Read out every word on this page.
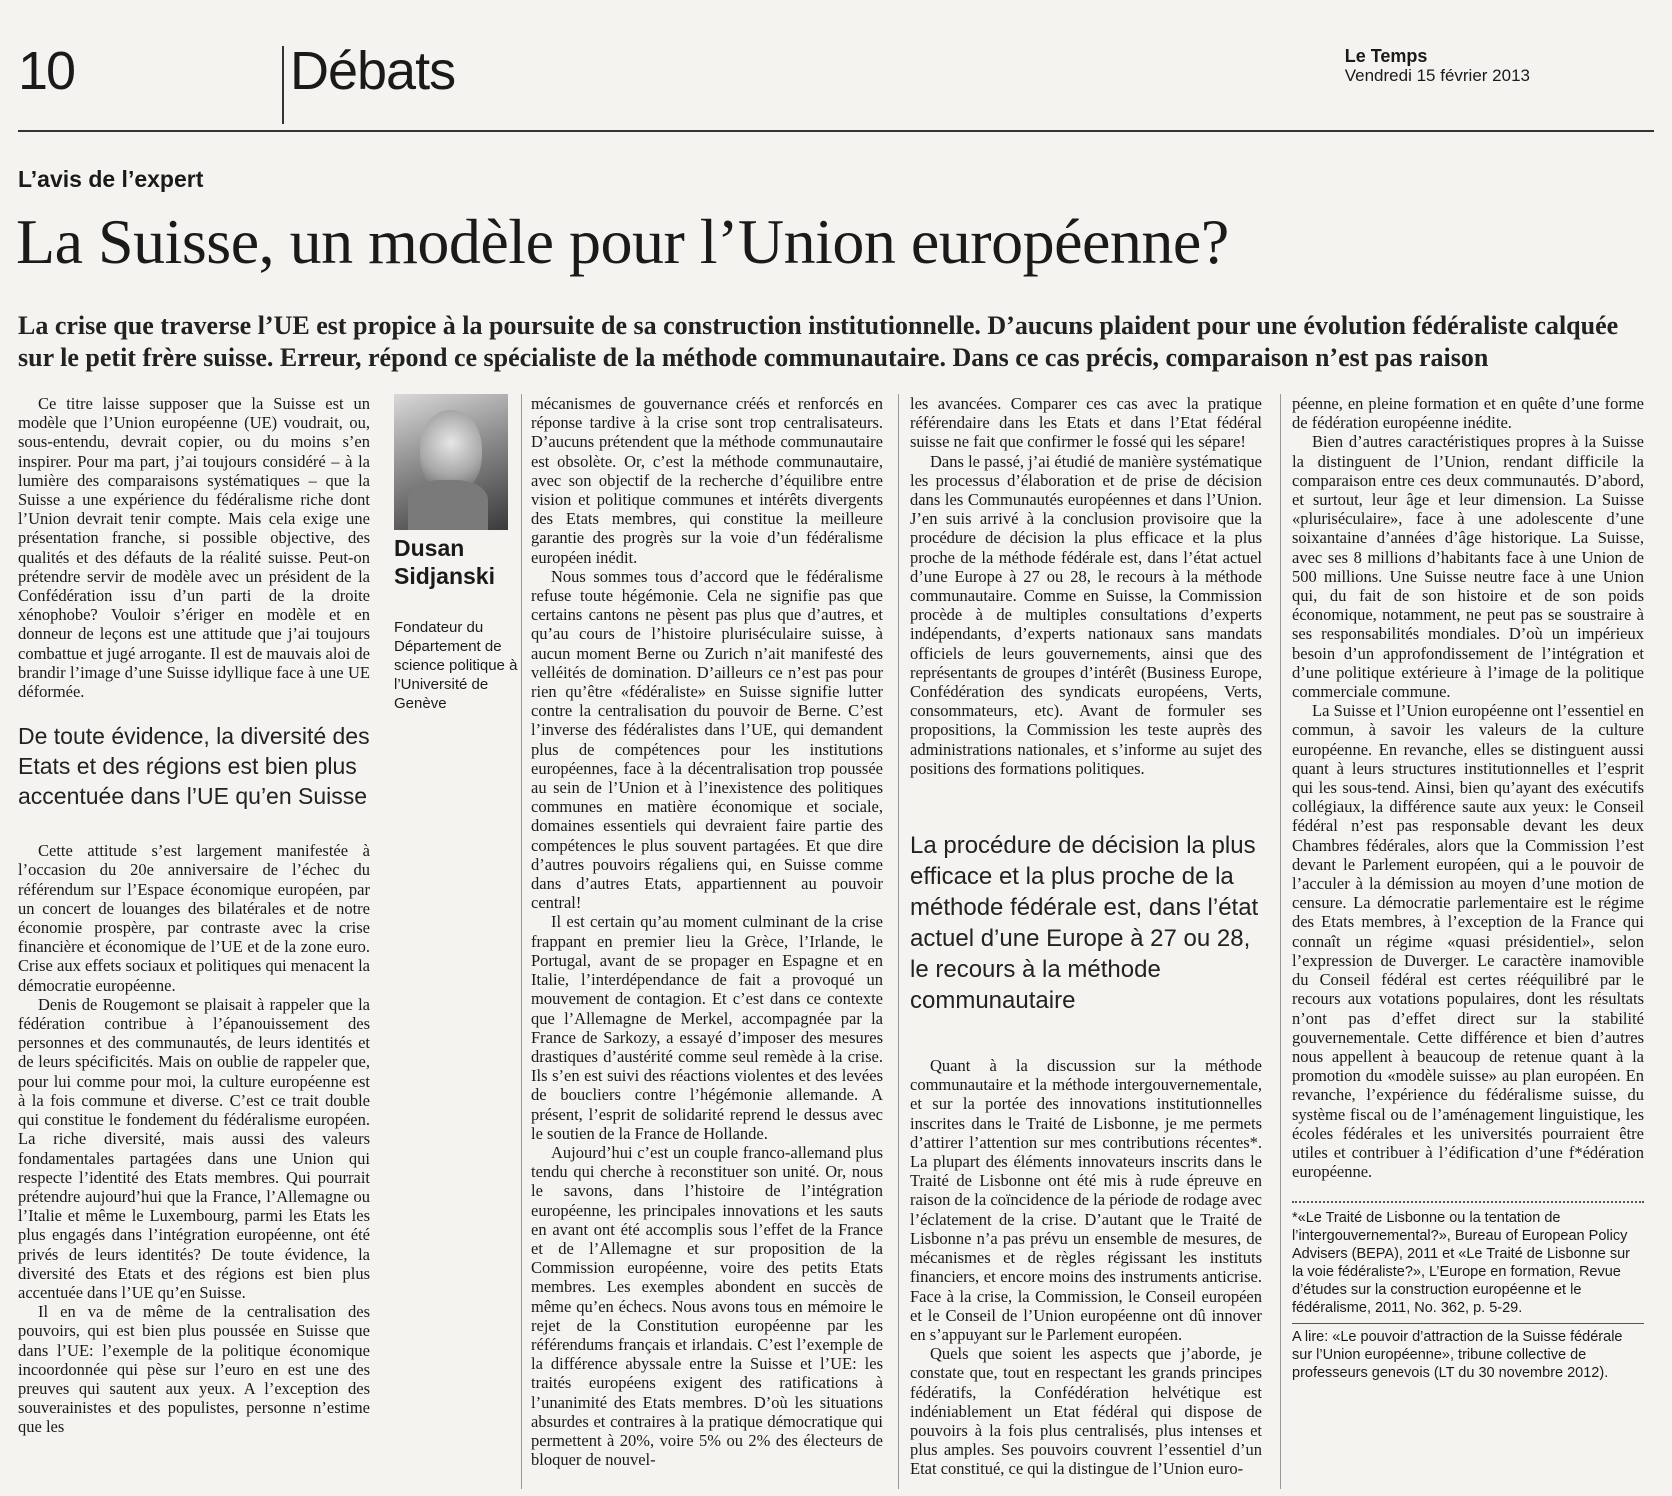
10	Débats	Le Temps
Vendredi 15 février 2013
L’avis de l’expert
La Suisse, un modèle pour l’Union européenne?
La crise que traverse l’UE est propice à la poursuite de sa construction institutionnelle. D’aucuns plaident pour une évolution fédéraliste calquée sur le petit frère suisse. Erreur, répond ce spécialiste de la méthode communautaire. Dans ce cas précis, comparaison n’est pas raison

Ce titre laisse supposer que la Suisse est un modèle que l’Union européenne (UE) voudrait, ou, sous-entendu, devrait copier, ou du moins s’en inspirer. Pour ma part, j’ai toujours considéré – à la lumière des comparaisons systématiques – que la Suisse a une expérience du fédéralisme riche dont l’Union devrait tenir compte. Mais cela exige une présentation franche, si possible objective, des qualités et des défauts de la réalité suisse. Peut-on prétendre servir de modèle avec un président de la Confédération issu d’un parti de la droite xénophobe? Vouloir s’ériger en modèle et en donneur de leçons est une attitude que j’ai toujours combattue et jugé arrogante. Il est de mauvais aloi de brandir l’image d’une Suisse idyllique face à une UE déformée.

De toute évidence, la diversité des Etats et des régions est bien plus accentuée dans l’UE qu’en Suisse

Cette attitude s’est largement manifestée à l’occasion du 20e anniversaire de l’échec du référendum sur l’Espace économique européen, par un concert de louanges des bilatérales et de notre économie prospère, par contraste avec la crise financière et économique de l’UE et de la zone euro. Crise aux effets sociaux et politiques qui menacent la démocratie européenne.

Denis de Rougemont se plaisait à rappeler que la fédération contribue à l’épanouissement des personnes et des communautés, de leurs identités et de leurs spécificités. Mais on oublie de rappeler que, pour lui comme pour moi, la culture européenne est à la fois commune et diverse. C’est ce trait double qui constitue le fondement du fédéralisme européen. La riche diversité, mais aussi des valeurs fondamentales partagées dans une Union qui respecte l’identité des Etats membres. Qui pourrait prétendre aujourd’hui que la France, l’Allemagne ou l’Italie et même le Luxembourg, parmi les Etats les plus engagés dans l’intégration européenne, ont été privés de leurs identités? De toute évidence, la diversité des Etats et des régions est bien plus accentuée dans l’UE qu’en Suisse.

Il en va de même de la centralisation des pouvoirs, qui est bien plus poussée en Suisse que dans l’UE: l’exemple de la politique économique incoordonnée qui pèse sur l’euro en est une des preuves qui sautent aux yeux. A l’exception des souverainistes et des populistes, personne n’estime que les

Dusan Sidjanski
Fondateur du Département de science politique à l’Université de Genève

mécanismes de gouvernance créés et renforcés en réponse tardive à la crise sont trop centralisateurs. D’aucuns prétendent que la méthode communautaire est obsolète. Or, c’est la méthode communautaire, avec son objectif de la recherche d’équilibre entre vision et politique communes et intérêts divergents des Etats membres, qui constitue la meilleure garantie des progrès sur la voie d’un fédéralisme européen inédit.

Nous sommes tous d’accord que le fédéralisme refuse toute hégémonie. Cela ne signifie pas que certains cantons ne pèsent pas plus que d’autres, et qu’au cours de l’histoire pluriséculaire suisse, à aucun moment Berne ou Zurich n’ait manifesté des velléités de domination. D’ailleurs ce n’est pas pour rien qu’être «fédéraliste» en Suisse signifie lutter contre la centralisation du pouvoir de Berne. C’est l’inverse des fédéralistes dans l’UE, qui demandent plus de compétences pour les institutions européennes, face à la décentralisation trop poussée au sein de l’Union et à l’inexistence des politiques communes en matière économique et sociale, domaines essentiels qui devraient faire partie des compétences le plus souvent partagées. Et que dire d’autres pouvoirs régaliens qui, en Suisse comme dans d’autres Etats, appartiennent au pouvoir central!

Il est certain qu’au moment culminant de la crise frappant en premier lieu la Grèce, l’Irlande, le Portugal, avant de se propager en Espagne et en Italie, l’interdépendance de fait a provoqué un mouvement de contagion. Et c’est dans ce contexte que l’Allemagne de Merkel, accompagnée par la France de Sarkozy, a essayé d’imposer des mesures drastiques d’austérité comme seul remède à la crise. Ils s’en est suivi des réactions violentes et des levées de boucliers contre l’hégémonie allemande. A présent, l’esprit de solidarité reprend le dessus avec le soutien de la France de Hollande.

Aujourd’hui c’est un couple franco-allemand plus tendu qui cherche à reconstituer son unité. Or, nous le savons, dans l’histoire de l’intégration européenne, les principales innovations et les sauts en avant ont été accomplis sous l’effet de la France et de l’Allemagne et sur proposition de la Commission européenne, voire des petits Etats membres. Les exemples abondent en succès de même qu’en échecs. Nous avons tous en mémoire le rejet de la Constitution européenne par les référendums français et irlandais. C’est l’exemple de la différence abyssale entre la Suisse et l’UE: les traités européens exigent des ratifications à l’unanimité des Etats membres. D’où les situations absurdes et contraires à la pratique démocratique qui permettent à 20%, voire 5% ou 2% des électeurs de bloquer de nouvel-

les avancées. Comparer ces cas avec la pratique référendaire dans les Etats et dans l’Etat fédéral suisse ne fait que confirmer le fossé qui les sépare!

Dans le passé, j’ai étudié de manière systématique les processus d’élaboration et de prise de décision dans les Communautés européennes et dans l’Union. J’en suis arrivé à la conclusion provisoire que la procédure de décision la plus efficace et la plus proche de la méthode fédérale est, dans l’état actuel d’une Europe à 27 ou 28, le recours à la méthode communautaire. Comme en Suisse, la Commission procède à de multiples consultations d’experts indépendants, d’experts nationaux sans mandats officiels de leurs gouvernements, ainsi que des représentants de groupes d’intérêt (Business Europe, Confédération des syndicats européens, Verts, consommateurs, etc). Avant de formuler ses propositions, la Commission les teste auprès des administrations nationales, et s’informe au sujet des positions des formations politiques.

La procédure de décision la plus efficace et la plus proche de la méthode fédérale est, dans l’état actuel d’une Europe à 27 ou 28, le recours à la méthode communautaire

Quant à la discussion sur la méthode communautaire et la méthode intergouvernementale, et sur la portée des innovations institutionnelles inscrites dans le Traité de Lisbonne, je me permets d’attirer l’attention sur mes contributions récentes*. La plupart des éléments innovateurs inscrits dans le Traité de Lisbonne ont été mis à rude épreuve en raison de la coïncidence de la période de rodage avec l’éclatement de la crise. D’autant que le Traité de Lisbonne n’a pas prévu un ensemble de mesures, de mécanismes et de règles régissant les instituts financiers, et encore moins des instruments anticrise. Face à la crise, la Commission, le Conseil européen et le Conseil de l’Union européenne ont dû innover en s’appuyant sur le Parlement européen.

Quels que soient les aspects que j’aborde, je constate que, tout en respectant les grands principes fédératifs, la Confédération helvétique est indéniablement un Etat fédéral qui dispose de pouvoirs à la fois plus centralisés, plus intenses et plus amples. Ses pouvoirs couvrent l’essentiel d’un Etat constitué, ce qui la distingue de l’Union euro-

péenne, en pleine formation et en quête d’une forme de fédération européenne inédite.

Bien d’autres caractéristiques propres à la Suisse la distinguent de l’Union, rendant difficile la comparaison entre ces deux communautés. D’abord, et surtout, leur âge et leur dimension. La Suisse «pluriséculaire», face à une adolescente d’une soixantaine d’années d’âge historique. La Suisse, avec ses 8 millions d’habitants face à une Union de 500 millions. Une Suisse neutre face à une Union qui, du fait de son histoire et de son poids économique, notamment, ne peut pas se soustraire à ses responsabilités mondiales. D’où un impérieux besoin d’un approfondissement de l’intégration et d’une politique extérieure à l’image de la politique commerciale commune.

La Suisse et l’Union européenne ont l’essentiel en commun, à savoir les valeurs de la culture européenne. En revanche, elles se distinguent aussi quant à leurs structures institutionnelles et l’esprit qui les sous-tend. Ainsi, bien qu’ayant des exécutifs collégiaux, la différence saute aux yeux: le Conseil fédéral n’est pas responsable devant les deux Chambres fédérales, alors que la Commission l’est devant le Parlement européen, qui a le pouvoir de l’acculer à la démission au moyen d’une motion de censure. La démocratie parlementaire est le régime des Etats membres, à l’exception de la France qui connaît un régime «quasi présidentiel», selon l’expression de Duverger. Le caractère inamovible du Conseil fédéral est certes rééquilibré par le recours aux votations populaires, dont les résultats n’ont pas d’effet direct sur la stabilité gouvernementale. Cette différence et bien d’autres nous appellent à beaucoup de retenue quant à la promotion du «modèle suisse» au plan européen. En revanche, l’expérience du fédéralisme suisse, du système fiscal ou de l’aménagement linguistique, les écoles fédérales et les universités pourraient être utiles et contribuer à l’édification d’une f*édération européenne.

*«Le Traité de Lisbonne ou la tentation de l’intergouvernemental?», Bureau of European Policy Advisers (BEPA), 2011 et «Le Traité de Lisbonne sur la voie fédéraliste?», L’Europe en formation, Revue d’études sur la construction européenne et le fédéralisme, 2011, No. 362, p. 5-29.
A lire: «Le pouvoir d’attraction de la Suisse fédérale sur l’Union européenne», tribune collective de professeurs genevois (LT du 30 novembre 2012).
